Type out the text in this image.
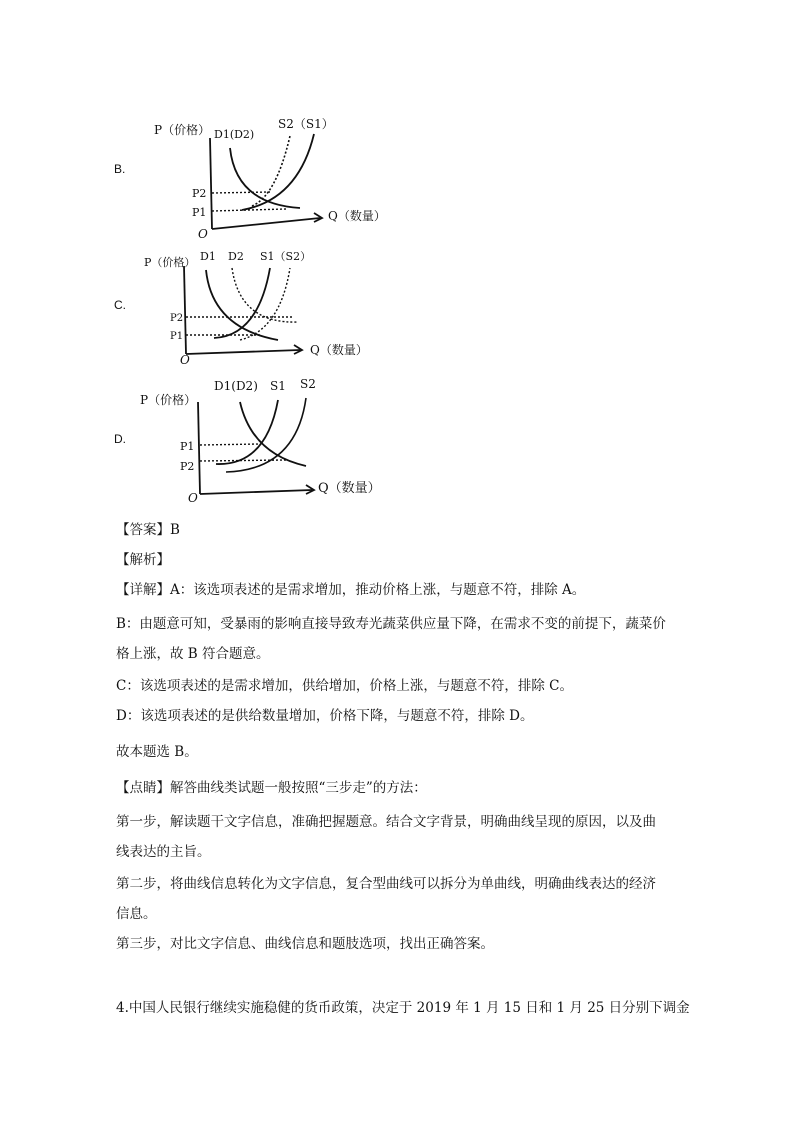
B.
P（价格） D1(D2)
S2（S1）
Q（数量）
O
P2
P1
C.
P（价格） D1 D2 S1（S2）
Q（数量）
O
P2
P1
D.
P（价格）
D1(D2) S1 S2
Q（数量）
O
P1
P2
【答案】B
【解析】
【详解】A：该选项表述的是需求增加，推动价格上涨，与题意不符，排除 A。
B：由题意可知，受暴雨的影响直接导致寿光蔬菜供应量下降，在需求不变的前提下，蔬菜价
格上涨，故 B 符合题意。
C：该选项表述的是需求增加，供给增加，价格上涨，与题意不符，排除 C。
D：该选项表述的是供给数量增加，价格下降，与题意不符，排除 D。
故本题选 B。
【点睛】解答曲线类试题一般按照“三步走”的方法：
第一步，解读题干文字信息，准确把握题意。结合文字背景，明确曲线呈现的原因，以及曲
线表达的主旨。
第二步，将曲线信息转化为文字信息，复合型曲线可以拆分为单曲线，明确曲线表达的经济
信息。
第三步，对比文字信息、曲线信息和题肢选项，找出正确答案。
4.中国人民银行继续实施稳健的货币政策，决定于 2019 年 1 月 15 日和 1 月 25 日分别下调金
